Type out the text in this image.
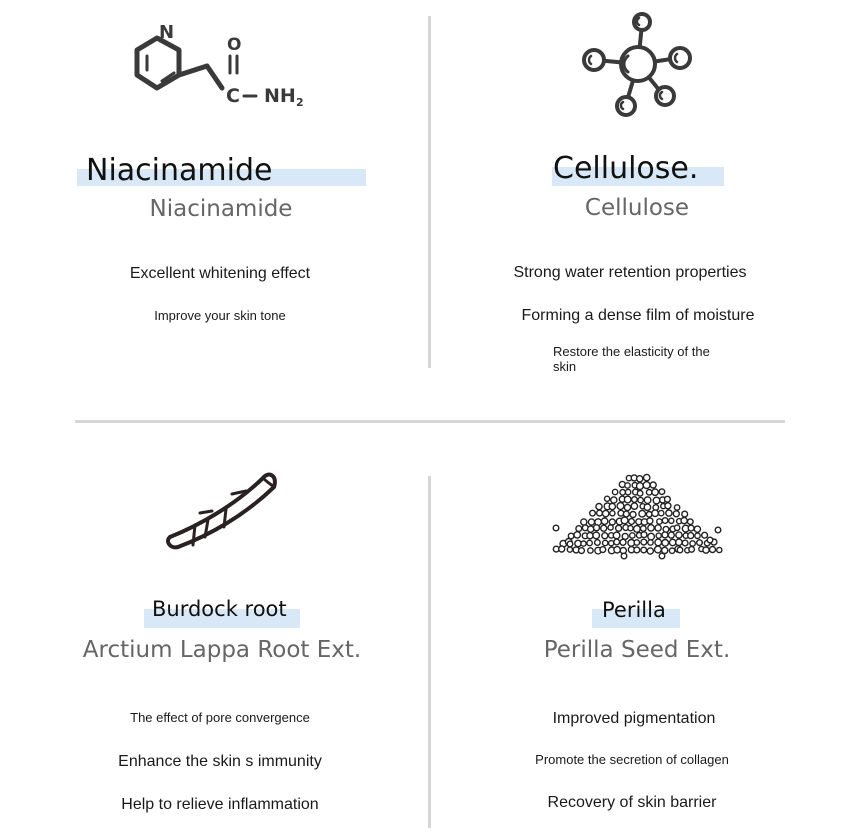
N
O
C NH 2
Niacinamide
Niacinamide
Excellent whitening effect
Improve your skin tone
Cellulose.
Cellulose
Strong water retention properties
Forming a dense film of moisture
Restore the elasticity of the
skin
Burdock root
Arctium Lappa Root Ext.
The effect of pore convergence
Enhance the skin s immunity
Help to relieve inflammation
Perilla
Perilla Seed Ext.
Improved pigmentation
Promote the secretion of collagen
Recovery of skin barrier
